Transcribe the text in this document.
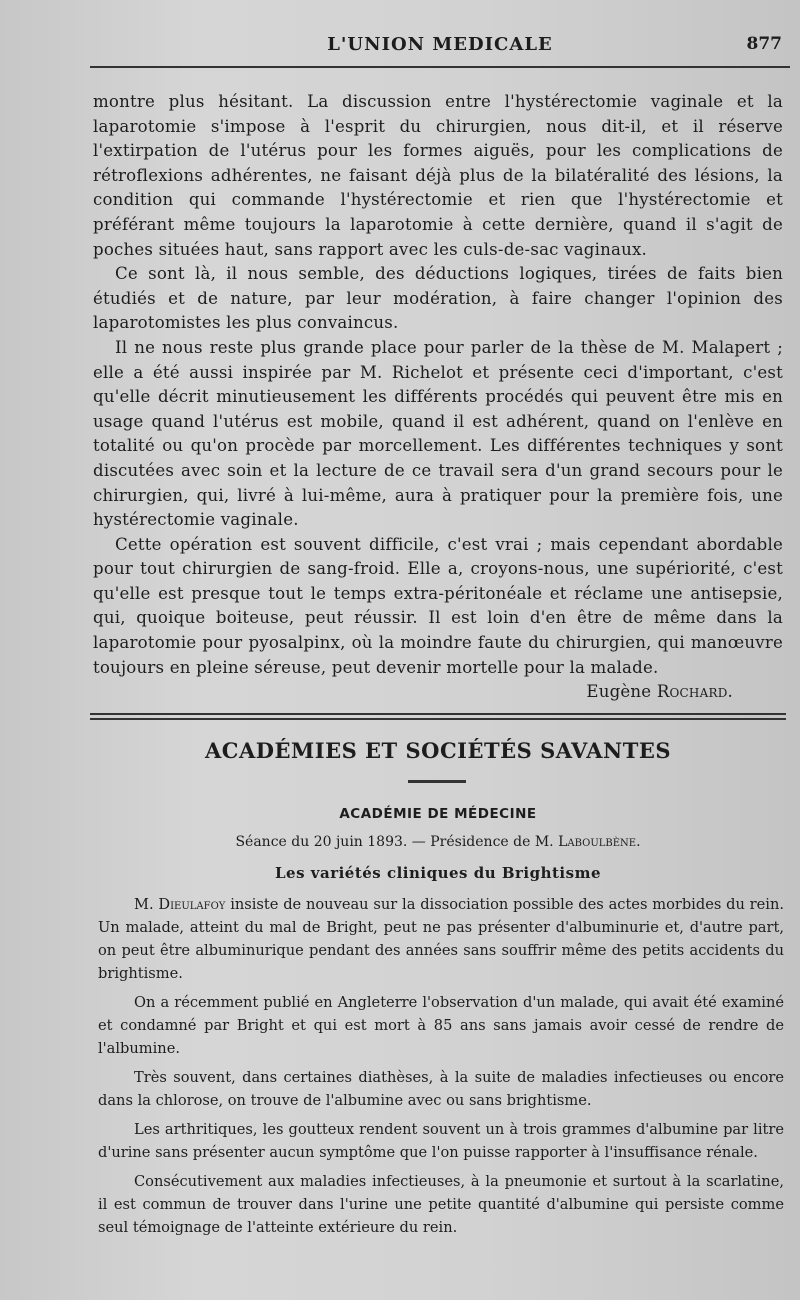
L'UNION MEDICALE	877

montre plus hésitant. La discussion entre l'hystérectomie vaginale et la laparotomie s'impose à l'esprit du chirurgien, nous dit-il, et il réserve l'extirpation de l'utérus pour les formes aiguës, pour les complications de rétroflexions adhérentes, ne faisant déjà plus de la bilatéralité des lésions, la condition qui commande l'hystérectomie et rien que l'hystérectomie et préférant même toujours la laparotomie à cette dernière, quand il s'agit de poches situées haut, sans rapport avec les culs-de-sac vaginaux.

Ce sont là, il nous semble, des déductions logiques, tirées de faits bien étudiés et de nature, par leur modération, à faire changer l'opinion des laparotomistes les plus convaincus.

Il ne nous reste plus grande place pour parler de la thèse de M. Malapert ; elle a été aussi inspirée par M. Richelot et présente ceci d'important, c'est qu'elle décrit minutieusement les différents procédés qui peuvent être mis en usage quand l'utérus est mobile, quand il est adhérent, quand on l'enlève en totalité ou qu'on procède par morcellement. Les différentes techniques y sont discutées avec soin et la lecture de ce travail sera d'un grand secours pour le chirurgien, qui, livré à lui-même, aura à pratiquer pour la première fois, une hystérectomie vaginale.

Cette opération est souvent difficile, c'est vrai ; mais cependant abordable pour tout chirurgien de sang-froid. Elle a, croyons-nous, une supériorité, c'est qu'elle est presque tout le temps extra-péritonéale et réclame une antisepsie, qui, quoique boiteuse, peut réussir. Il est loin d'en être de même dans la laparotomie pour pyosalpinx, où la moindre faute du chirurgien, qui manœuvre toujours en pleine séreuse, peut devenir mortelle pour la malade.

Eugène Rochard.
ACADÉMIES ET SOCIÉTÉS SAVANTES
ACADÉMIE DE MÉDECINE
Séance du 20 juin 1893. — Présidence de M. Laboulbène.
Les variétés cliniques du Brightisme

M. Dieulafoy insiste de nouveau sur la dissociation possible des actes morbides du rein. Un malade, atteint du mal de Bright, peut ne pas présenter d'albuminurie et, d'autre part, on peut être albuminurique pendant des années sans souffrir même des petits accidents du brightisme.

On a récemment publié en Angleterre l'observation d'un malade, qui avait été examiné et condamné par Bright et qui est mort à 85 ans sans jamais avoir cessé de rendre de l'albumine.

Très souvent, dans certaines diathèses, à la suite de maladies infectieuses ou encore dans la chlorose, on trouve de l'albumine avec ou sans brightisme.

Les arthritiques, les goutteux rendent souvent un à trois grammes d'albumine par litre d'urine sans présenter aucun symptôme que l'on puisse rapporter à l'insuffisance rénale.

Consécutivement aux maladies infectieuses, à la pneumonie et surtout à la scarlatine, il est commun de trouver dans l'urine une petite quantité d'albumine qui persiste comme seul témoignage de l'atteinte extérieure du rein.
